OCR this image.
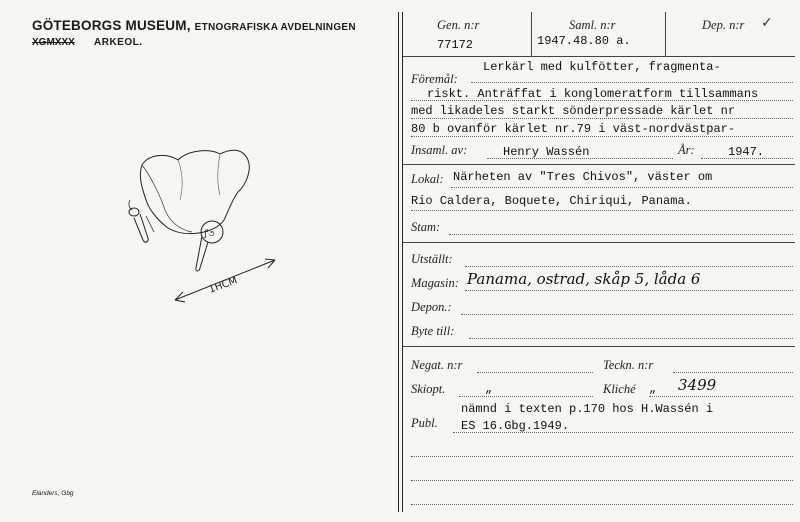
GÖTEBORGS MUSEUM, ETNOGRAFISKA AVDELNINGEN
XGMXXX ARKEOL.
ꝭ૭
1HCM
Elanders, Gbg
Gen. n:r
77172
Saml. n:r
1947.48.80 a.
Dep. n:r ✓
Lerkärl med kulfötter, fragmenta-
Föremål:
riskt. Anträffat i konglomeratform tillsammans
med likadeles starkt sönderpressade kärlet nr
80 b ovanför kärlet nr.79 i väst-nordvästpar-
Insaml. av:	Henry Wassén	År:	1947.
Lokal: Närheten av "Tres Chivos", väster om
Rio Caldera, Boquete, Chiriqui, Panama.
Stam:
Utställt:
Magasin: Panama, ostrad, skåp 5, låda 6
Depon.:
Byte till:
Negat. n:r	Teckn. n:r
Skiopt.	„	Kliché „ 3499
nämnd i texten p.170 hos H.Wassén i
Publ. ES 16.Gbg.1949.
